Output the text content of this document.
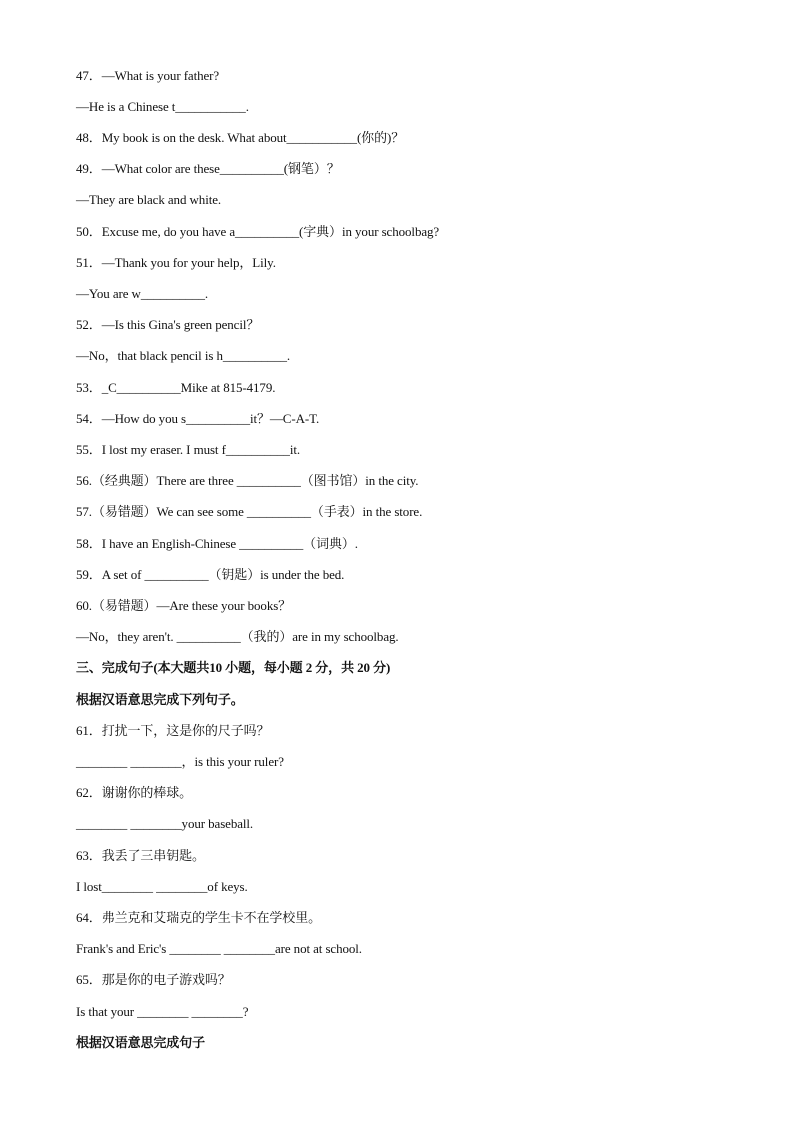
47．—What is your father?
—He is a Chinese t___________.
48．My book is on the desk. What about___________(你的)？
49．—What color are these__________(钢笔）？
—They are black and white.
50．Excuse me, do you have a__________(字典）in your schoolbag?
51．—Thank you for your help，Lily.
—You are w__________.
52．—Is this Gina's green pencil？
—No，that black pencil is h__________.
53．_C__________Mike at 815-4179.
54．—How do you s__________it？—C-A-T.
55．I lost my eraser. I must f__________it.
56.（经典题）There are three __________（图书馆）in the city.
57.（易错题）We can see some __________（手表）in the store.
58．I have an English-Chinese __________（词典）.
59．A set of __________（钥匙）is under the bed.
60.（易错题）—Are these your books？
—No，they aren't. __________（我的）are in my schoolbag.
三、完成句子(本大题共10 小题，每小题 2 分，共 20 分)
根据汉语意思完成下列句子。
61．打扰一下，这是你的尺子吗？
________ ________，is this your ruler?
62．谢谢你的棒球。
________ ________your baseball.
63．我丢了三串钥匙。
I lost________ ________of keys.
64．弗兰克和艾瑞克的学生卡不在学校里。
Frank's and Eric's ________ ________are not at school.
65．那是你的电子游戏吗？
Is that your ________ ________?
根据汉语意思完成句子
